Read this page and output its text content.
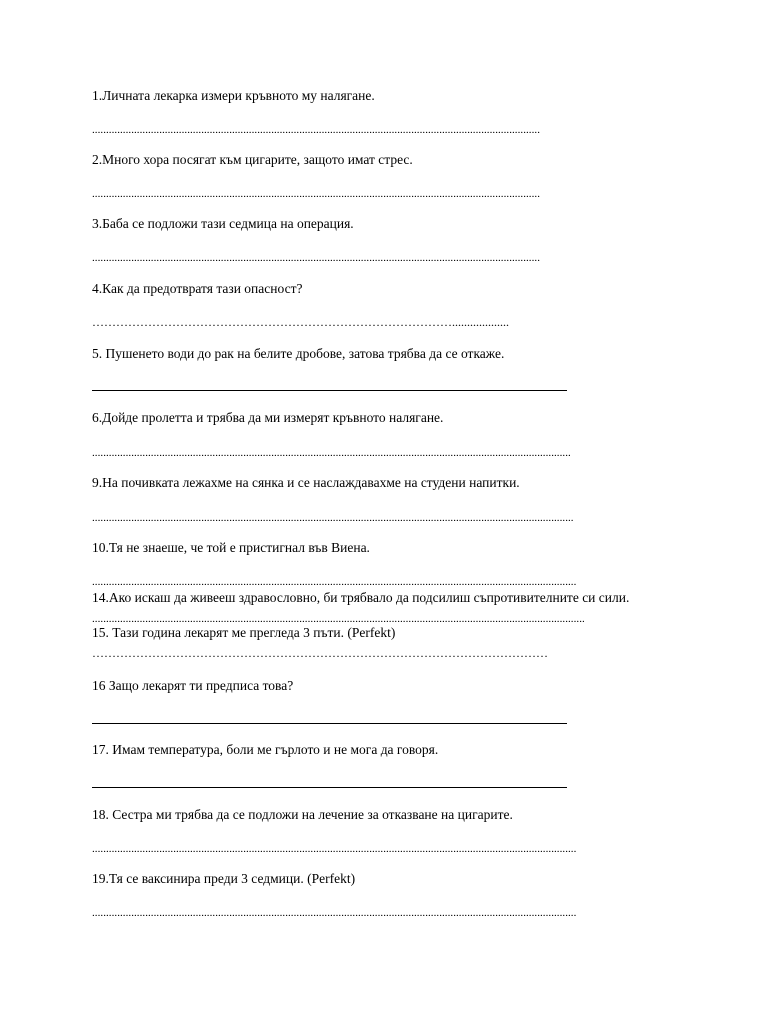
1.Личната лекарка измери кръвното му налягане.
................................................................................................................................................................
2.Много хора посягат към цигарите, защото имат стрес.
................................................................................................................................................................
3.Баба се подложи тази седмица на операция.
................................................................................................................................................................
4.Как да предотвратя тази опасност?
………………………………………………………………………………...................
5. Пушенето води до рак на белите дробове, затова трябва да се откаже.
6.Дойде пролетта и трябва да ми измерят кръвното налягане.
...........................................................................................................................................................................
9.На почивката лежахме на сянка и се наслаждавахме на студени напитки.
............................................................................................................................................................................
10.Тя не знаеше, че той е пристигнал във Виена.
.............................................................................................................................................................................
14.Ако искаш да живееш здравословно, би трябвало да подсилиш съпротивителните си сили.
................................................................................................................................................................................
15. Тази година лекарят ме прегледа 3 пъти. (Perfekt)
……………………………………………………………………………………………………
16 Защо лекарят ти предписа това?
17. Имам температура, боли ме гърлото и не мога да говоря.
18. Сестра ми трябва да се подложи на лечение за отказване на цигарите.
.............................................................................................................................................................................
19.Тя се ваксинира преди 3 седмици. (Perfekt)
.............................................................................................................................................................................
